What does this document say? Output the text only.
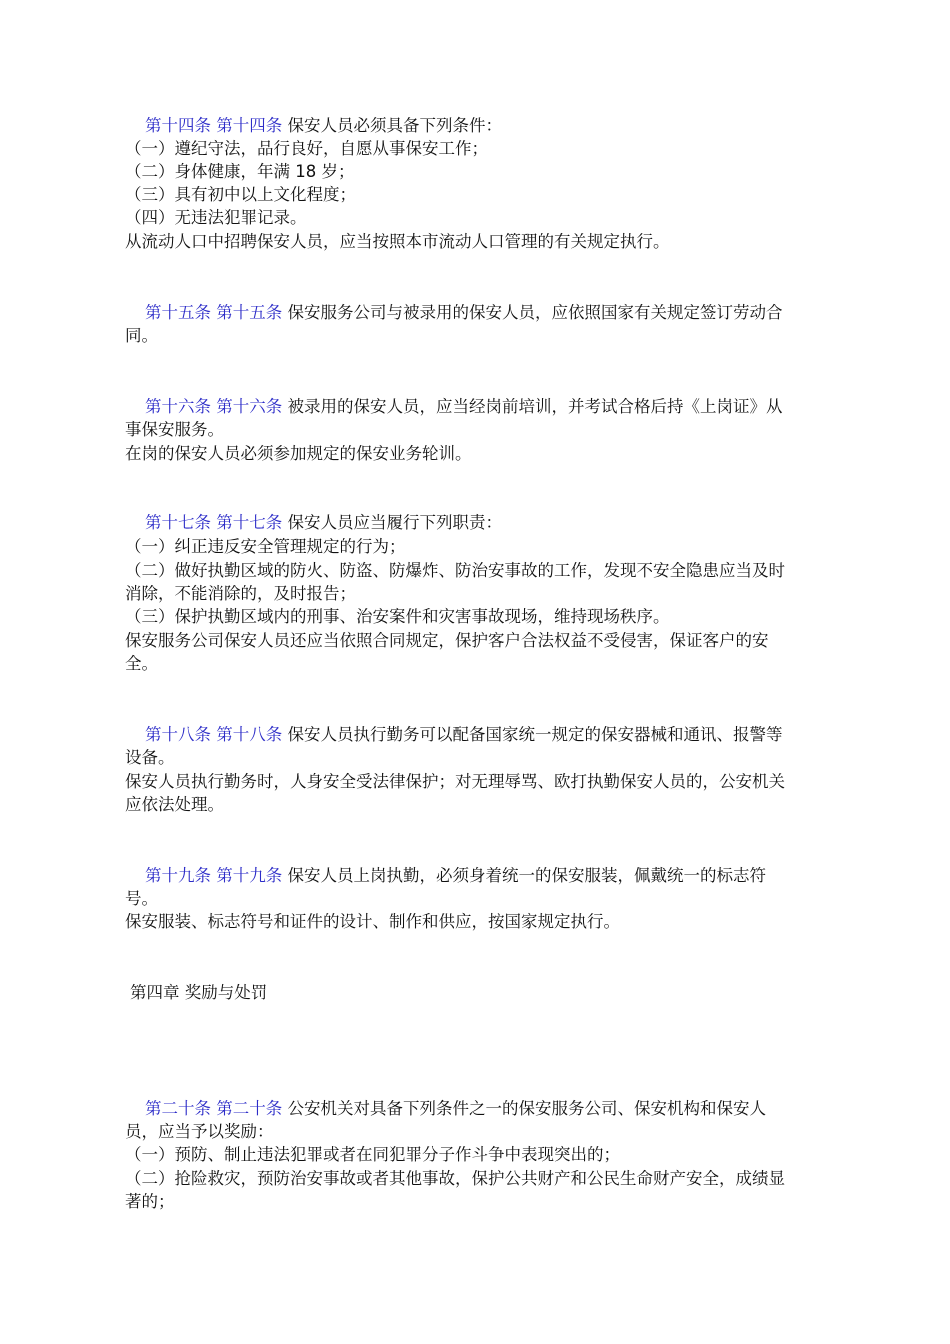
第十四条 第十四条 保安人员必须具备下列条件：
（一）遵纪守法，品行良好，自愿从事保安工作；
（二）身体健康，年满 18 岁；
（三）具有初中以上文化程度；
（四）无违法犯罪记录。
从流动人口中招聘保安人员，应当按照本市流动人口管理的有关规定执行。
第十五条 第十五条 保安服务公司与被录用的保安人员，应依照国家有关规定签订劳动合
同。
第十六条 第十六条 被录用的保安人员，应当经岗前培训，并考试合格后持《上岗证》从
事保安服务。
在岗的保安人员必须参加规定的保安业务轮训。
第十七条 第十七条 保安人员应当履行下列职责：
（一）纠正违反安全管理规定的行为；
（二）做好执勤区域的防火、防盗、防爆炸、防治安事故的工作，发现不安全隐患应当及时
消除，不能消除的，及时报告；
（三）保护执勤区域内的刑事、治安案件和灾害事故现场，维持现场秩序。
保安服务公司保安人员还应当依照合同规定，保护客户合法权益不受侵害，保证客户的安
全。
第十八条 第十八条 保安人员执行勤务可以配备国家统一规定的保安器械和通讯、报警等
设备。
保安人员执行勤务时，人身安全受法律保护；对无理辱骂、欧打执勤保安人员的，公安机关
应依法处理。
第十九条 第十九条 保安人员上岗执勤，必须身着统一的保安服装，佩戴统一的标志符
号。
保安服装、标志符号和证件的设计、制作和供应，按国家规定执行。
第四章 奖励与处罚
第二十条 第二十条 公安机关对具备下列条件之一的保安服务公司、保安机构和保安人
员，应当予以奖励：
（一）预防、制止违法犯罪或者在同犯罪分子作斗争中表现突出的；
（二）抢险救灾，预防治安事故或者其他事故，保护公共财产和公民生命财产安全，成绩显
著的；
